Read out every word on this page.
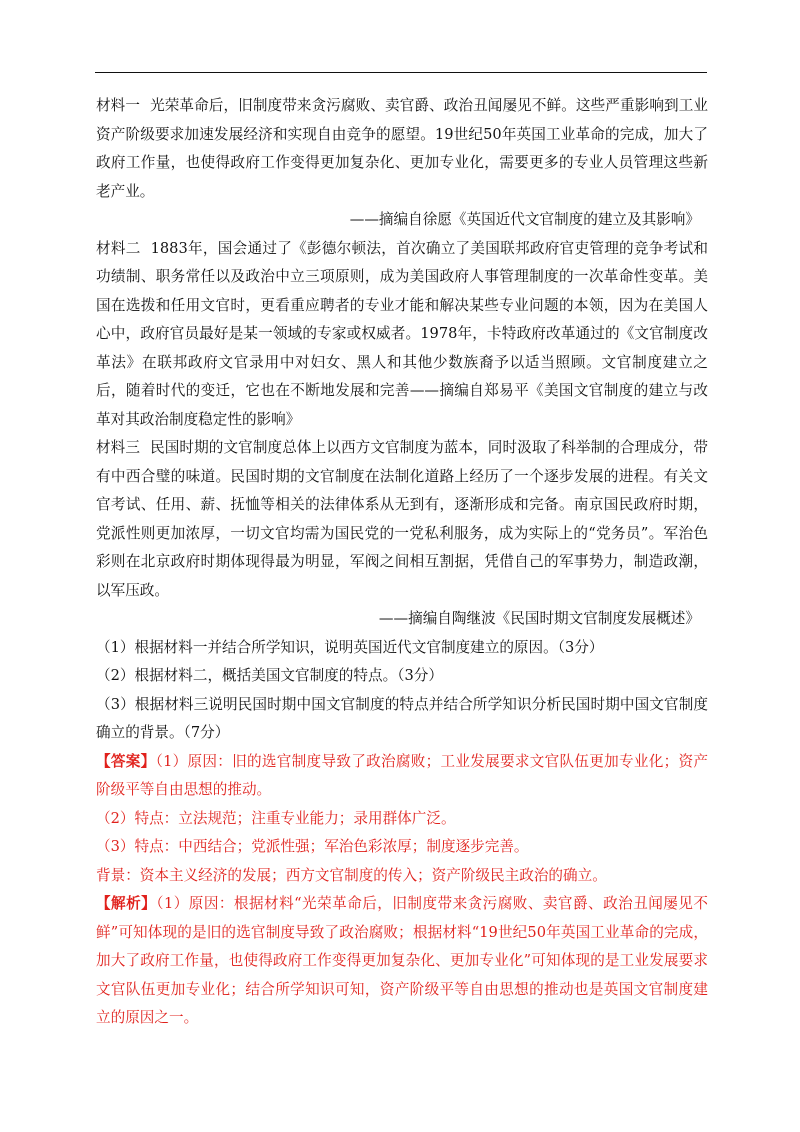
材料一 光荣革命后，旧制度带来贪污腐败、卖官爵、政治丑闻屡见不鲜。这些严重影响到工业资产阶级要求加速发展经济和实现自由竞争的愿望。19世纪50年英国工业革命的完成，加大了政府工作量，也使得政府工作变得更加复杂化、更加专业化，需要更多的专业人员管理这些新老产业。

——摘编自徐愿《英国近代文官制度的建立及其影响》

材料二 1883年，国会通过了《彭德尔顿法，首次确立了美国联邦政府官吏管理的竞争考试和功绩制、职务常任以及政治中立三项原则，成为美国政府人事管理制度的一次革命性变革。美国在选拨和任用文官时，更看重应聘者的专业才能和解决某些专业问题的本领，因为在美国人心中，政府官员最好是某一领域的专家或权威者。1978年，卡特政府改革通过的《文官制度改革法》在联邦政府文官录用中对妇女、黑人和其他少数族裔予以适当照顾。文官制度建立之后，随着时代的变迁，它也在不断地发展和完善——摘编自郑易平《美国文官制度的建立与改革对其政治制度稳定性的影响》

材料三 民国时期的文官制度总体上以西方文官制度为蓝本，同时汲取了科举制的合理成分，带有中西合璧的味道。民国时期的文官制度在法制化道路上经历了一个逐步发展的进程。有关文官考试、任用、薪、抚恤等相关的法律体系从无到有，逐渐形成和完备。南京国民政府时期，党派性则更加浓厚，一切文官均需为国民党的一党私利服务，成为实际上的“党务员”。军治色彩则在北京政府时期体现得最为明显，军阀之间相互割据，凭借自己的军事势力，制造政潮，以军压政。

——摘编自陶继波《民国时期文官制度发展概述》

（1）根据材料一并结合所学知识，说明英国近代文官制度建立的原因。（3分）

（2）根据材料二，概括美国文官制度的特点。（3分）

（3）根据材料三说明民国时期中国文官制度的特点并结合所学知识分析民国时期中国文官制度确立的背景。（7分）

【答案】（1）原因：旧的选官制度导致了政治腐败；工业发展要求文官队伍更加专业化；资产阶级平等自由思想的推动。

（2）特点：立法规范；注重专业能力；录用群体广泛。

（3）特点：中西结合；党派性强；军治色彩浓厚；制度逐步完善。

背景：资本主义经济的发展；西方文官制度的传入；资产阶级民主政治的确立。

【解析】（1）原因：根据材料“光荣革命后，旧制度带来贪污腐败、卖官爵、政治丑闻屡见不鲜”可知体现的是旧的选官制度导致了政治腐败；根据材料“19世纪50年英国工业革命的完成，加大了政府工作量，也使得政府工作变得更加复杂化、更加专业化”可知体现的是工业发展要求文官队伍更加专业化；结合所学知识可知，资产阶级平等自由思想的推动也是英国文官制度建立的原因之一。
